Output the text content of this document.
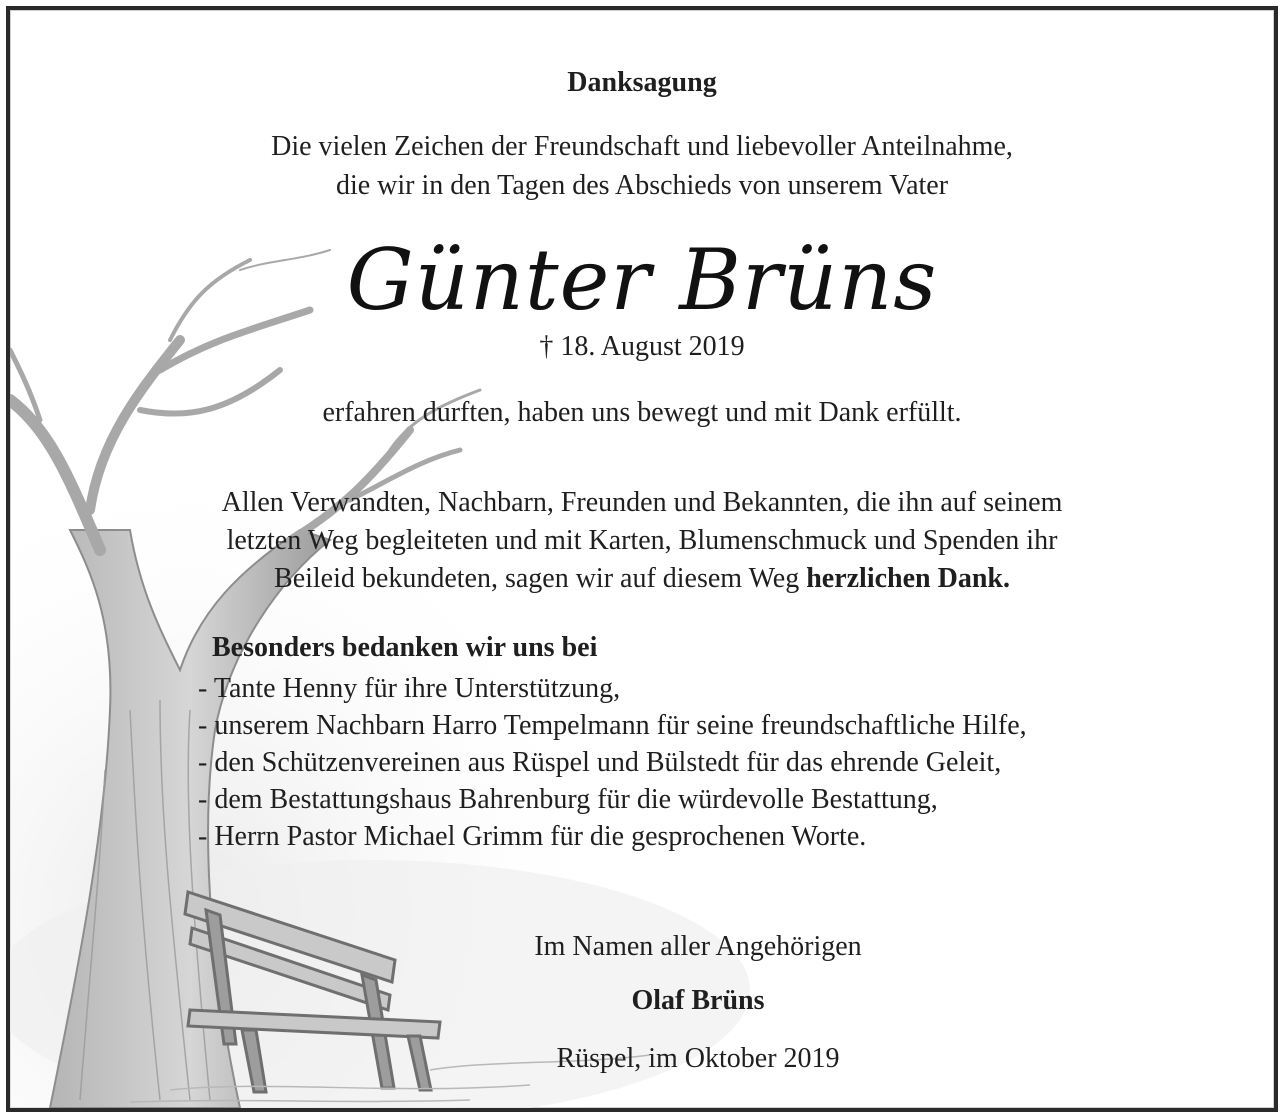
Danksagung

Die vielen Zeichen der Freundschaft und liebevoller Anteilnahme,

die wir in den Tagen des Abschieds von unserem Vater

Günter Brüns

† 18. August 2019

erfahren durften, haben uns bewegt und mit Dank erfüllt.

Allen Verwandten, Nachbarn, Freunden und Bekannten, die ihn auf seinem

letzten Weg begleiteten und mit Karten, Blumenschmuck und Spenden ihr

Beileid bekundeten, sagen wir auf diesem Weg herzlichen Dank.

Besonders bedanken wir uns bei
- Tante Henny für ihre Unterstützung,
- unserem Nachbarn Harro Tempelmann für seine freundschaftliche Hilfe,
- den Schützenvereinen aus Rüspel und Bülstedt für das ehrende Geleit,
- dem Bestattungshaus Bahrenburg für die würdevolle Bestattung,
- Herrn Pastor Michael Grimm für die gesprochenen Worte.

Im Namen aller Angehörigen

Olaf Brüns

Rüspel, im Oktober 2019
